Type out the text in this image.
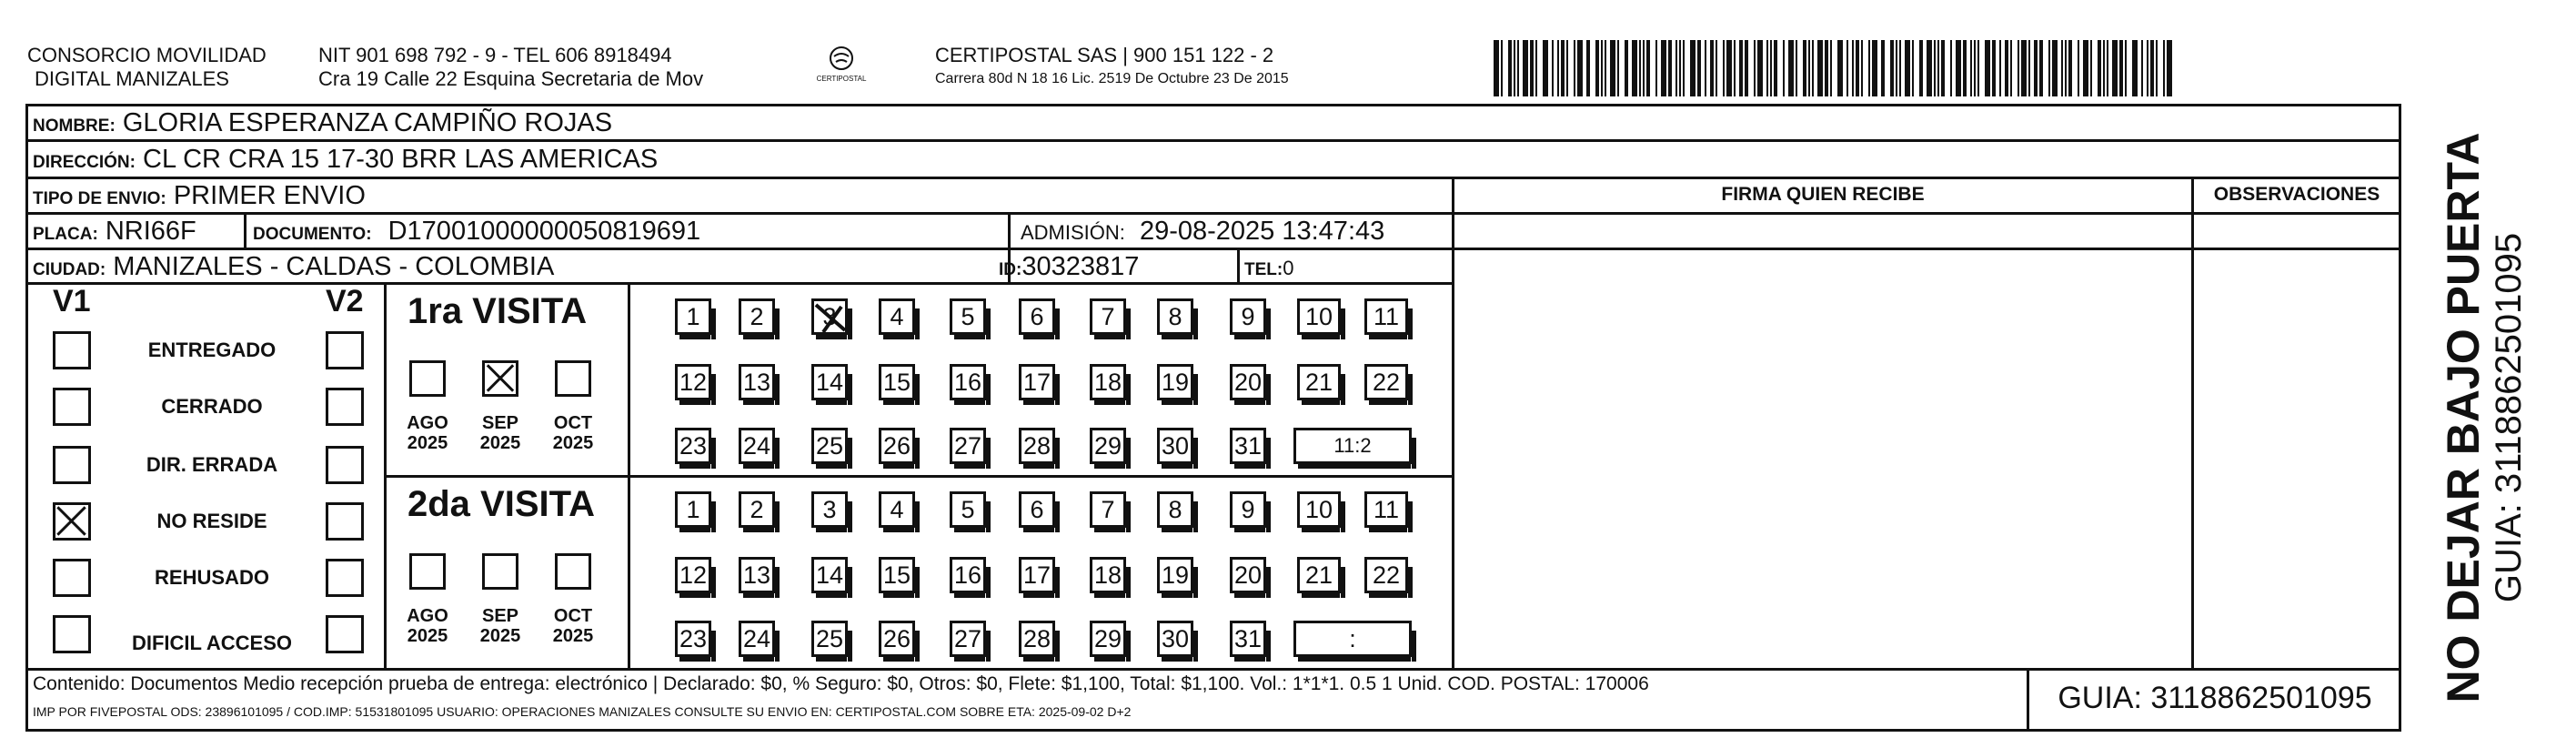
CONSORCIO MOVILIDAD
DIGITAL MANIZALES
NIT 901 698 792 - 9 - TEL 606 8918494
Cra 19 Calle 22 Esquina Secretaria de Mov	CERTIPOSTAL
CERTIPOSTAL SAS | 900 151 122 - 2
Carrera 80d N 18 16 Lic. 2519 De Octubre 23 De 2015
NOMBRE: GLORIA ESPERANZA CAMPIÑO ROJAS
DIRECCIÓN: CL CR CRA 15 17-30 BRR LAS AMERICAS
TIPO DE ENVIO: PRIMER ENVIO
PLACA: NRI66F	DOCUMENTO: D17001000000050819691	ADMISIÓN: 29-08-2025 13:47:43
CIUDAD: MANIZALES - CALDAS - COLOMBIA	ID:30323817	TEL:0
FIRMA QUIEN RECIBE	OBSERVACIONES
V1	V2
ENTREGADO
CERRADO
DIR. ERRADA
NO RESIDE
REHUSADO
DIFICIL ACCESO
1ra VISITA
2da VISITA
AGO
2025
SEP
2025
OCT
2025
AGO
2025
SEP
2025
OCT
2025
1	2	3	4	5	6	7	8	9	10	11
12 13 14 15 16 17 18 19 20	21	22
23 24 25 26 27 28 29 30 31
1	2	3	4	5	6	7	8	9	10	11
12 13 14 15 16 17 18 19 20	21	22
23 24 25 26 27 28 29 30 31
11:2
:
Contenido: Documentos Medio recepción prueba de entrega: electrónico | Declarado: $0, % Seguro: $0, Otros: $0, Flete: $1,100, Total: $1,100. Vol.: 1*1*1. 0.5 1 Unid. COD. POSTAL: 170006
IMP POR FIVEPOSTAL ODS: 23896101095 / COD.IMP: 51531801095 USUARIO: OPERACIONES MANIZALES CONSULTE SU ENVIO EN: CERTIPOSTAL.COM SOBRE ETA: 2025-09-02 D+2	GUIA: 3118862501095	NO DEJAR BAJO PUERTA GUIA: 3118862501095
